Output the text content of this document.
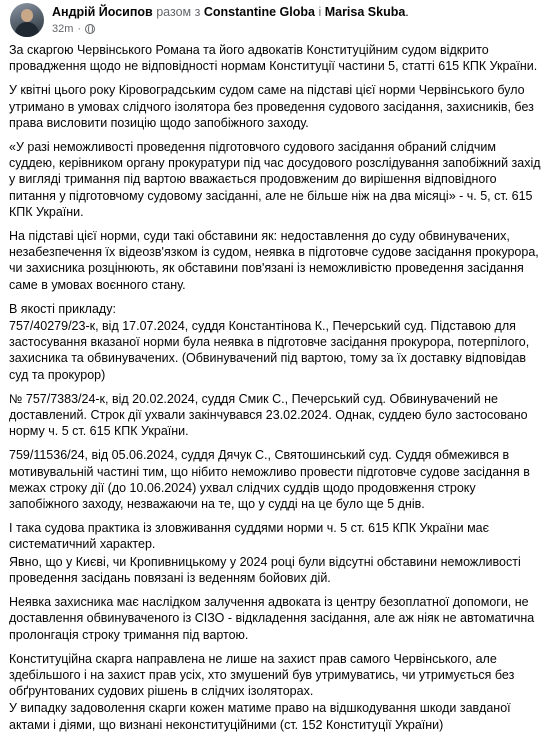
Андрій Йосипов разом з Constantine Globa і Marisa Skuba.
32m ·

За скаргою Червінського Романа та його адвокатів Конституційним судом відкрито провадження щодо не відповідності нормам Конституції частини 5, статті 615 КПК України.

У квітні цього року Кіровоградським судом саме на підставі цієї норми Червінського було утримано в умовах слідчого ізолятора без проведення судового засідання, захисників, без права висловити позицію щодо запобіжного заходу.

«У разі неможливості проведення підготовчого судового засідання обраний слідчим суддею, керівником органу прокуратури під час досудового розслідування запобіжний захід у вигляді тримання під вартою вважається продовженим до вирішення відповідного питання у підготовчому судовому засіданні, але не більше ніж на два місяці» - ч. 5, ст. 615 КПК України.

На підставі цієї норми, суди такі обставини як: недоставлення до суду обвинувачених, незабезпечення їх відеозв'язком із судом, неявка в підготовче судове засідання прокурора, чи захисника розцінюють, як обставини пов'язані із неможливістю проведення засідання саме в умовах воєнного стану.

В якості прикладу:

757/40279/23-к, від 17.07.2024, суддя Константінова К., Печерський суд. Підставою для застосування вказаної норми була неявка в підготовче засідання прокурора, потерпілого, захисника та обвинувачених. (Обвинувачений під вартою, тому за їх доставку відповідав суд та прокурор)

№ 757/7383/24-к, від 20.02.2024, суддя Смик С., Печерський суд. Обвинувачений не доставлений. Строк дії ухвали закінчувався 23.02.2024. Однак, суддею було застосовано норму ч. 5 ст. 615 КПК України.

759/11536/24, від 05.06.2024, суддя Дячук С., Святошинський суд. Суддя обмежився в мотивувальній частині тим, що нібито неможливо провести підготовче судове засідання в межах строку дії (до 10.06.2024) ухвал слідчих суддів щодо продовження строку запобіжного заходу, незважаючи на те, що у судді на це було ще 5 днів.

І така судова практика із зловживання суддями норми ч. 5 ст. 615 КПК України має систематичний характер.

Явно, що у Києві, чи Кропивницькому у 2024 році були відсутні обставини неможливості проведення засідань повязані із веденням бойових дій.

Неявка захисника має наслідком залучення адвоката із центру безоплатної допомоги, не доставлення обвинуваченого із СІЗО - відкладення засідання, але аж ніяк не автоматична пролонгація строку тримання під вартою.

Конституційна скарга направлена не лише на захист прав самого Червінського, але здебільшого і на захист прав усіх, хто змушений був утримуватись, чи утримується без обґрунтованих судових рішень в слідчих ізоляторах.

У випадку задоволення скарги кожен матиме право на відшкодування шкоди завданої актами і діями, що визнані неконституційними (ст. 152 Конституції України)
